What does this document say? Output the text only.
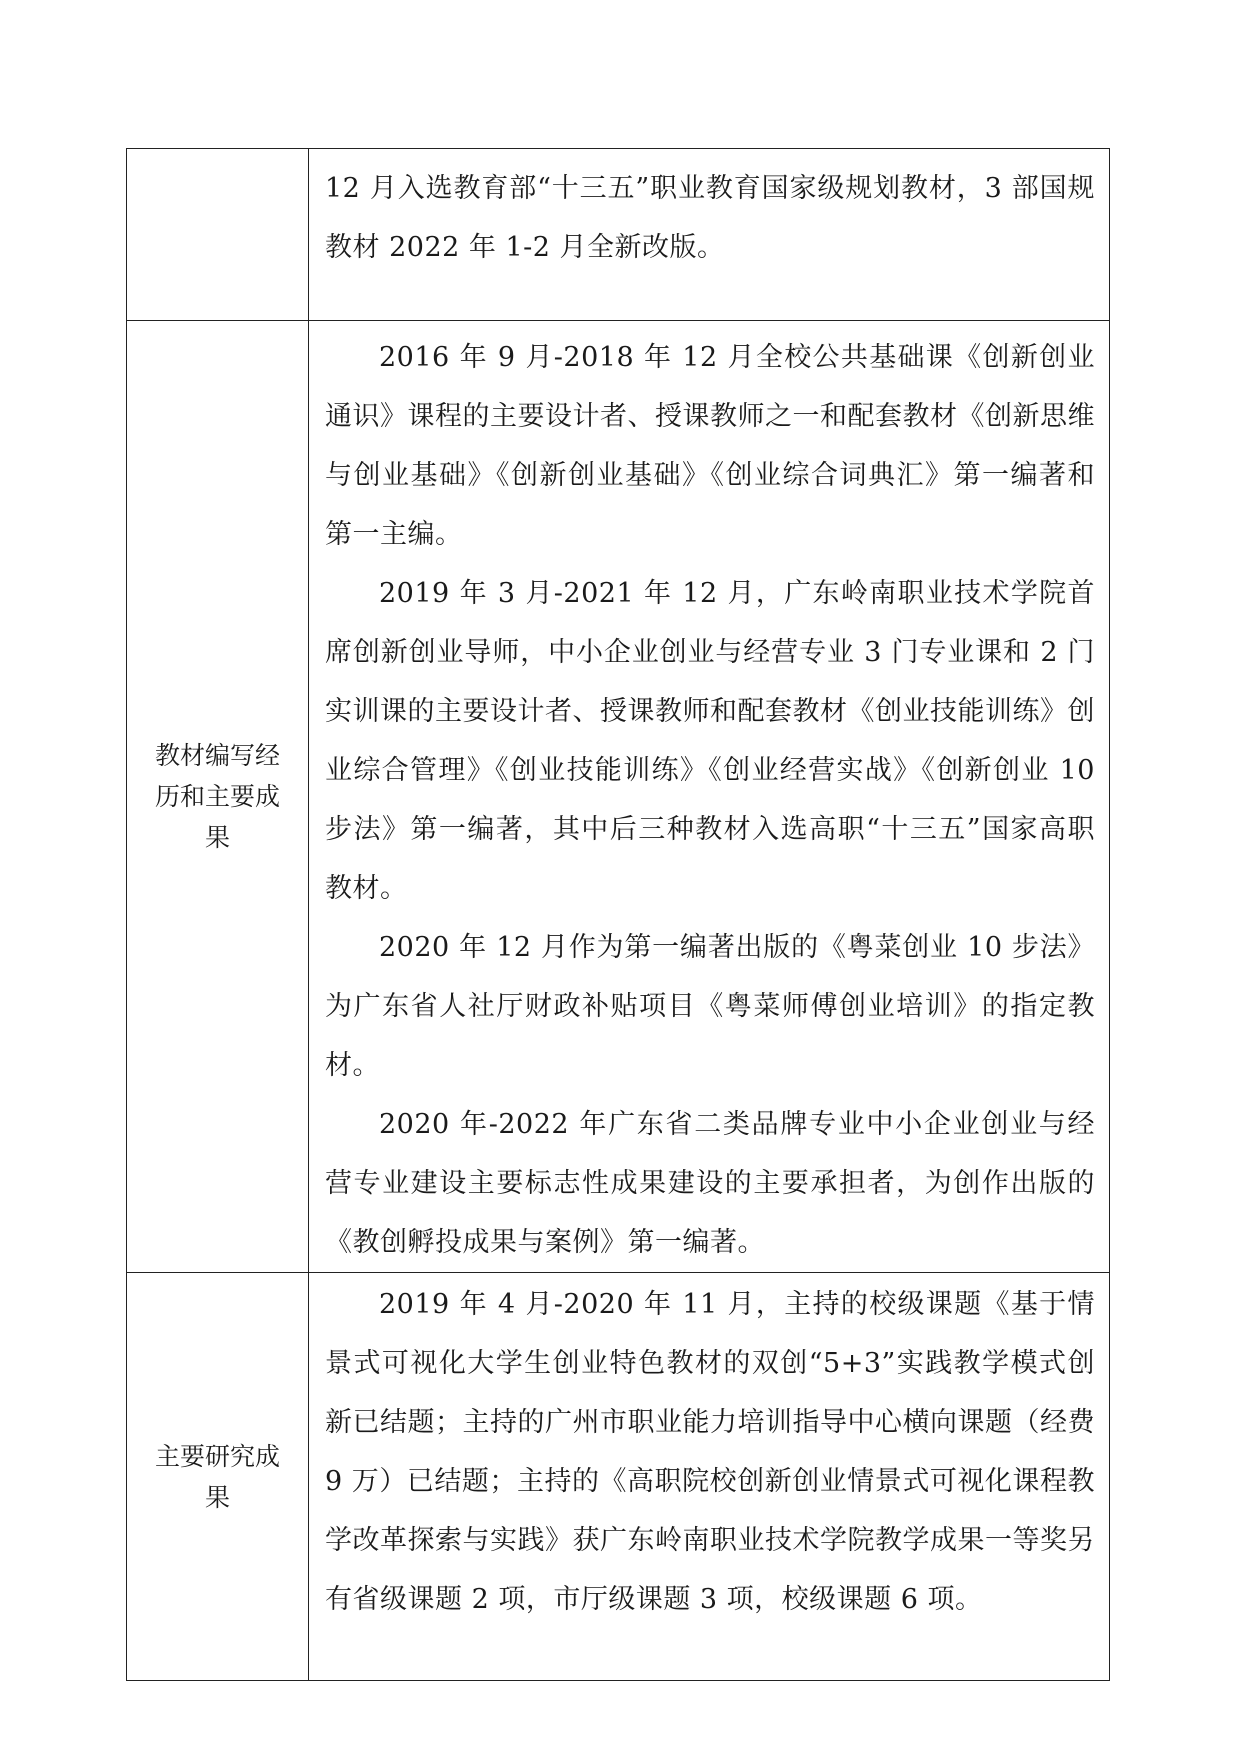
	12 月入选教育部“十三五”职业教育国家级规划教材，3 部国规教材 2022 年 1-2 月全新改版。

教材编写经历和主要成果	2016 年 9 月-2018 年 12 月全校公共基础课《创新创业通识》课程的主要设计者、授课教师之一和配套教材《创新思维与创业基础》《创新创业基础》《创业综合词典汇》第一编著和第一主编。

2019 年 3 月-2021 年 12 月，广东岭南职业技术学院首席创新创业导师，中小企业创业与经营专业 3 门专业课和 2 门实训课的主要设计者、授课教师和配套教材《创业技能训练》创业综合管理》《创业技能训练》《创业经营实战》《创新创业 10 步法》第一编著，其中后三种教材入选高职“十三五”国家高职教材。

2020 年 12 月作为第一编著出版的《粤菜创业 10 步法》为广东省人社厅财政补贴项目《粤菜师傅创业培训》的指定教材。

2020 年-2022 年广东省二类品牌专业中小企业创业与经营专业建设主要标志性成果建设的主要承担者，为创作出版的《教创孵投成果与案例》第一编著。

主要研究成果	2019 年 4 月-2020 年 11 月，主持的校级课题《基于情景式可视化大学生创业特色教材的双创“5+3”实践教学模式创新已结题；主持的广州市职业能力培训指导中心横向课题（经费 9 万）已结题；主持的《高职院校创新创业情景式可视化课程教学改革探索与实践》获广东岭南职业技术学院教学成果一等奖另有省级课题 2 项，市厅级课题 3 项，校级课题 6 项。
